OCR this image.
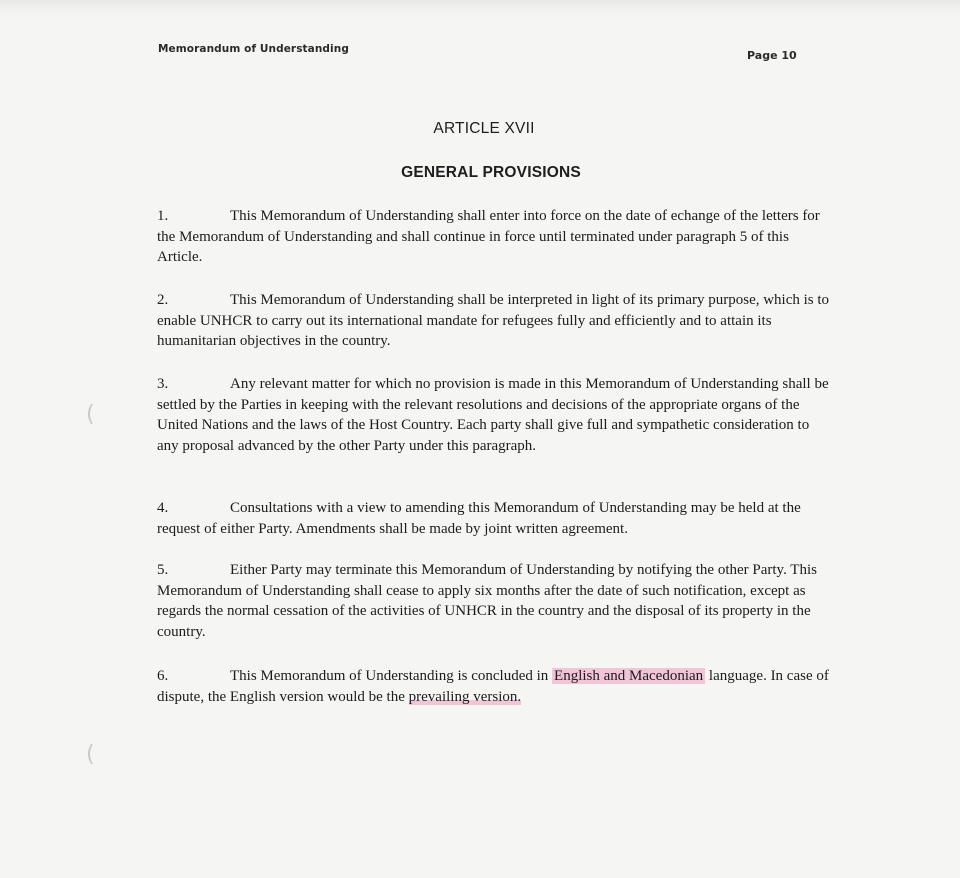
Memorandum of Understanding	Page 10
ARTICLE XVII
GENERAL PROVISIONS

1.	This Memorandum of Understanding shall enter into force on the date of echange of the letters for the Memorandum of Understanding and shall continue in force until terminated under paragraph 5 of this Article.

2.	This Memorandum of Understanding shall be interpreted in light of its primary purpose, which is to enable UNHCR to carry out its international mandate for refugees fully and efficiently and to attain its humanitarian objectives in the country.

3.	Any relevant matter for which no provision is made in this Memorandum of Understanding shall be settled by the Parties in keeping with the relevant resolutions and decisions of the appropriate organs of the United Nations and the laws of the Host Country. Each party shall give full and sympathetic consideration to any proposal advanced by the other Party under this paragraph.

4.	Consultations with a view to amending this Memorandum of Understanding may be held at the request of either Party. Amendments shall be made by joint written agreement.

5.	Either Party may terminate this Memorandum of Understanding by notifying the other Party. This Memorandum of Understanding shall cease to apply six months after the date of such notification, except as regards the normal cessation of the activities of UNHCR in the country and the disposal of its property in the country.

6.	This Memorandum of Understanding is concluded in English and Macedonian language. In case of dispute, the English version would be the prevailing version.

(
(
